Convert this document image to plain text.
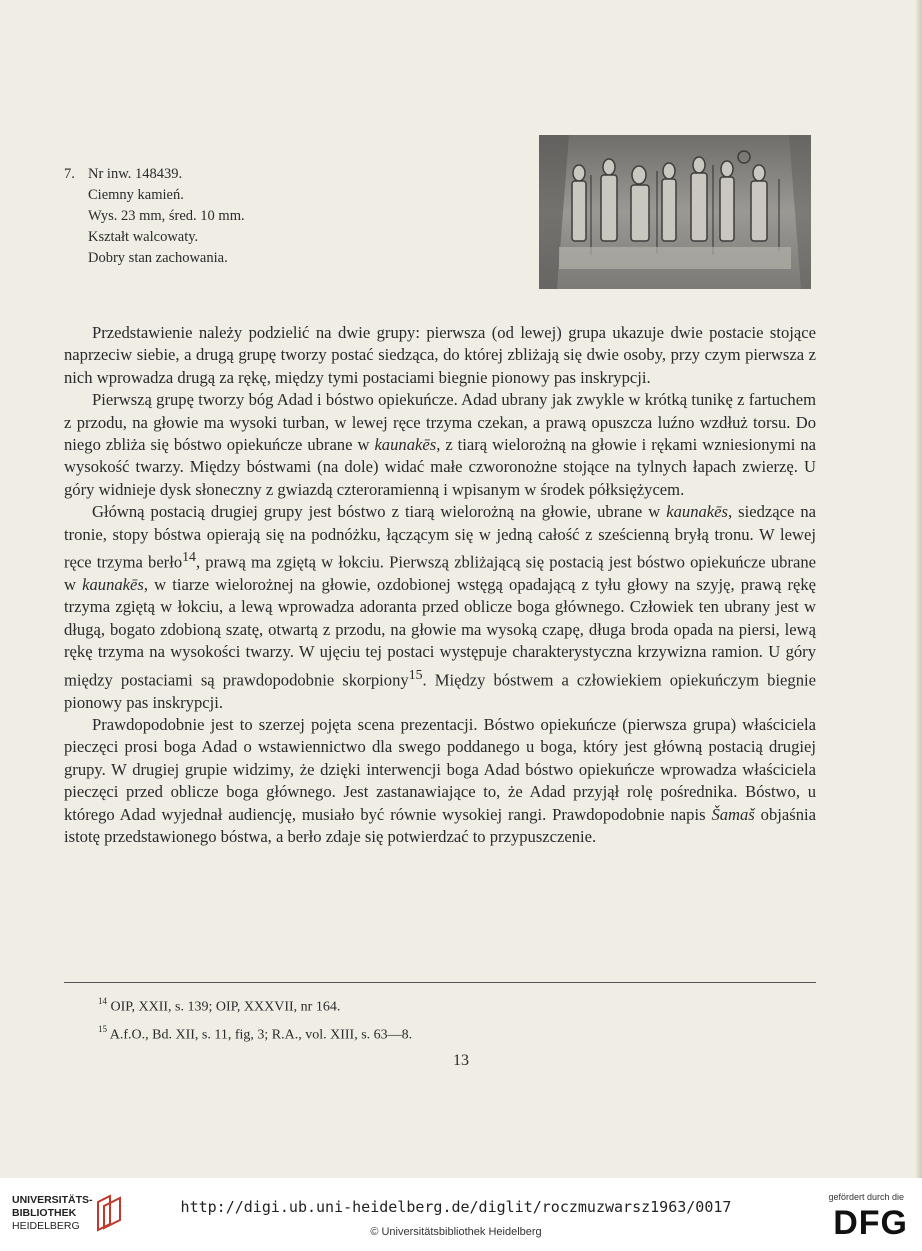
7. Nr inw. 148439.
Ciemny kamień.
Wys. 23 mm, śred. 10 mm.
Kształt walcowaty.
Dobry stan zachowania.

Przedstawienie należy podzielić na dwie grupy: pierwsza (od lewej) grupa ukazuje dwie postacie stojące naprzeciw siebie, a drugą grupę tworzy postać siedząca, do której zbliżają się dwie osoby, przy czym pierwsza z nich wprowadza drugą za rękę, między tymi postaciami biegnie pionowy pas inskrypcji.

Pierwszą grupę tworzy bóg Adad i bóstwo opiekuńcze. Adad ubrany jak zwykle w krótką tunikę z fartuchem z przodu, na głowie ma wysoki turban, w lewej ręce trzyma czekan, a prawą opuszcza luźno wzdłuż torsu. Do niego zbliża się bóstwo opiekuńcze ubrane w kaunakēs, z tiarą wielorożną na głowie i rękami wzniesionymi na wysokość twarzy. Między bóstwami (na dole) widać małe czworonożne stojące na tylnych łapach zwierzę. U góry widnieje dysk słoneczny z gwiazdą czteroramienną i wpisanym w środek półksiężycem.

Główną postacią drugiej grupy jest bóstwo z tiarą wielorożną na głowie, ubrane w kaunakēs, siedzące na tronie, stopy bóstwa opierają się na podnóżku, łączącym się w jedną całość z sześcienną bryłą tronu. W lewej ręce trzyma berło$^{14}$, prawą ma zgiętą w łokciu. Pierwszą zbliżającą się postacią jest bóstwo opiekuńcze ubrane w kaunakēs, w tiarze wielorożnej na głowie, ozdobionej wstęgą opadającą z tyłu głowy na szyję, prawą rękę trzyma zgiętą w łokciu, a lewą wprowadza adoranta przed oblicze boga głównego. Człowiek ten ubrany jest w długą, bogato zdobioną szatę, otwartą z przodu, na głowie ma wysoką czapę, długa broda opada na piersi, lewą rękę trzyma na wysokości twarzy. W ujęciu tej postaci występuje charakterystyczna krzywizna ramion. U góry między postaciami są prawdopodobnie skorpiony$^{15}$. Między bóstwem a człowiekiem opiekuńczym biegnie pionowy pas inskrypcji.

Prawdopodobnie jest to szerzej pojęta scena prezentacji. Bóstwo opiekuńcze (pierwsza grupa) właściciela pieczęci prosi boga Adad o wstawiennictwo dla swego poddanego u boga, który jest główną postacią drugiej grupy. W drugiej grupie widzimy, że dzięki interwencji boga Adad bóstwo opiekuńcze wprowadza właściciela pieczęci przed oblicze boga głównego. Jest zastanawiające to, że Adad przyjął rolę pośrednika. Bóstwo, u którego Adad wyjednał audiencję, musiało być równie wysokiej rangi. Prawdopodobnie napis Šamaš objaśnia istotę przedstawionego bóstwa, a berło zdaje się potwierdzać to przypuszczenie.

$^{14}$ OIP, XXII, s. 139; OIP, XXXVII, nr 164.
$^{15}$ A.f.O., Bd. XII, s. 11, fig, 3; R.A., vol. XIII, s. 63—8.
13
UNIVERSITÄTS-
BIBLIOTHEK
HEIDELBERG
http://digi.ub.uni-heidelberg.de/diglit/roczmuzwarsz1963/0017
© Universitätsbibliothek Heidelberg
gefördert durch die
DFG
